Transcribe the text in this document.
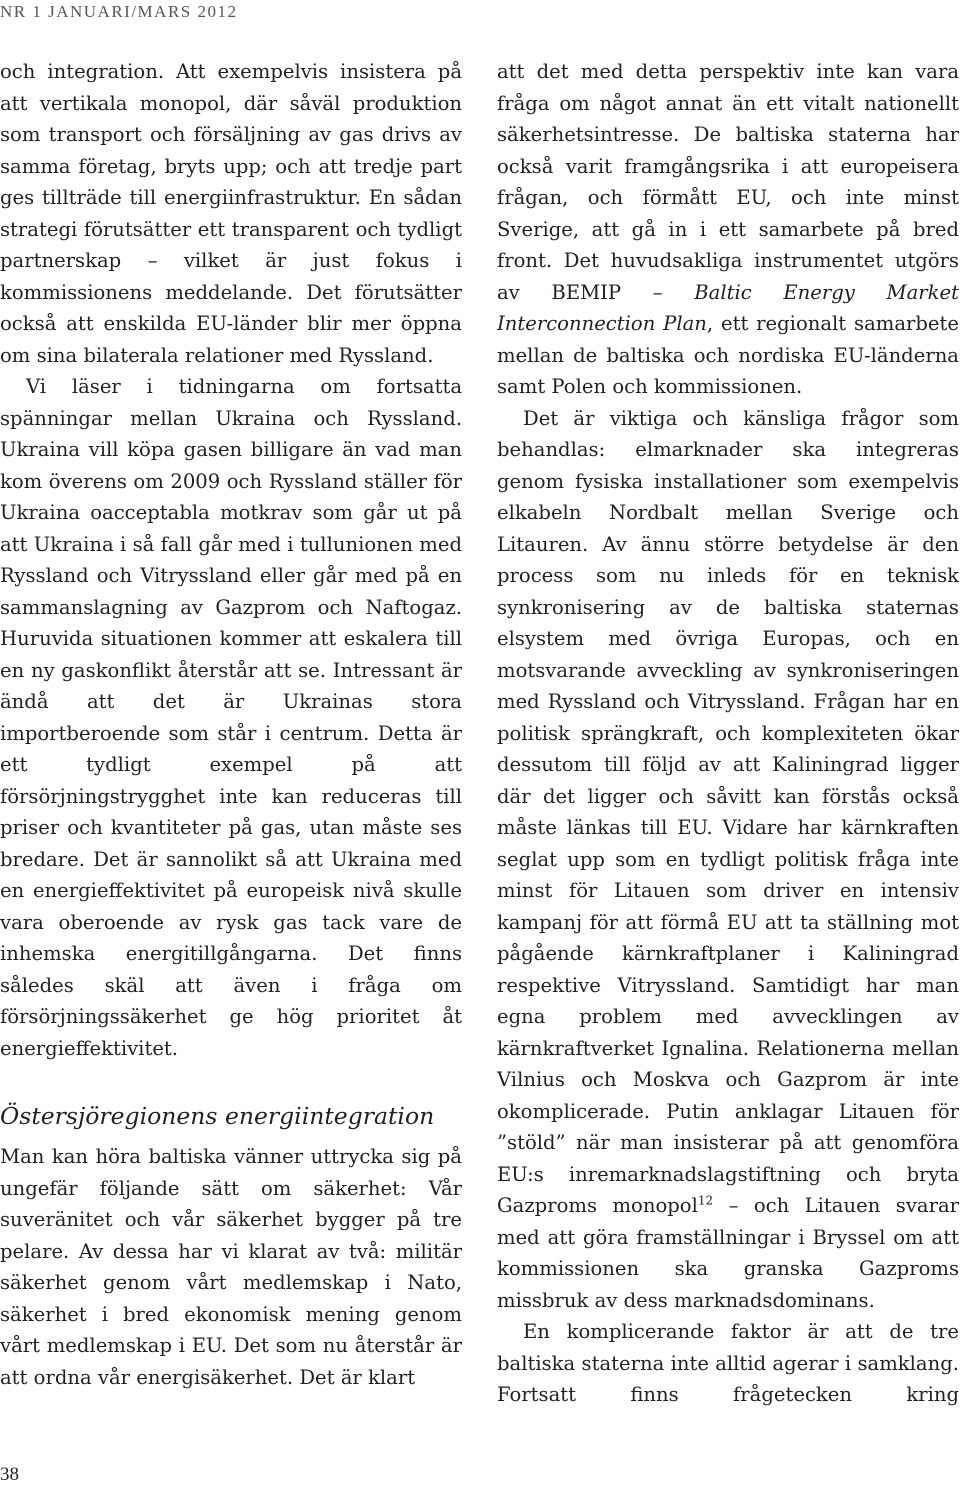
NR 1 JANUARI/MARS 2012

och integration. Att exempelvis insistera på att vertikala monopol, där såväl produktion som transport och försäljning av gas drivs av samma företag, bryts upp; och att tredje part ges tillträde till energiinfrastruktur. En sådan strategi förutsätter ett transparent och tydligt partnerskap – vilket är just fokus i kommissionens meddelande. Det förutsätter också att enskilda EU-länder blir mer öppna om sina bilaterala relationer med Ryssland.

Vi läser i tidningarna om fortsatta spänningar mellan Ukraina och Ryssland. Ukraina vill köpa gasen billigare än vad man kom överens om 2009 och Ryssland ställer för Ukraina oacceptabla motkrav som går ut på att Ukraina i så fall går med i tullunionen med Ryssland och Vitryssland eller går med på en sammanslagning av Gazprom och Naftogaz. Huruvida situationen kommer att eskalera till en ny gaskonflikt återstår att se. Intressant är ändå att det är Ukrainas stora importberoende som står i centrum. Detta är ett tydligt exempel på att försörjningstrygghet inte kan reduceras till priser och kvantiteter på gas, utan måste ses bredare. Det är sannolikt så att Ukraina med en energieffektivitet på europeisk nivå skulle vara oberoende av rysk gas tack vare de inhemska energitillgångarna. Det finns således skäl att även i fråga om försörjningssäkerhet ge hög prioritet åt energieffektivitet.

Östersjöregionens energiintegration

Man kan höra baltiska vänner uttrycka sig på ungefär följande sätt om säkerhet: Vår suveränitet och vår säkerhet bygger på tre pelare. Av dessa har vi klarat av två: militär säkerhet genom vårt medlemskap i Nato, säkerhet i bred ekonomisk mening genom vårt medlemskap i EU. Det som nu återstår är att ordna vår energisäkerhet. Det är klart

att det med detta perspektiv inte kan vara fråga om något annat än ett vitalt nationellt säkerhetsintresse. De baltiska staterna har också varit framgångsrika i att europeisera frågan, och förmått EU, och inte minst Sverige, att gå in i ett samarbete på bred front. Det huvudsakliga instrumentet utgörs av BEMIP – Baltic Energy Market Interconnection Plan, ett regionalt samarbete mellan de baltiska och nordiska EU-länderna samt Polen och kommissionen.

Det är viktiga och känsliga frågor som behandlas: elmarknader ska integreras genom fysiska installationer som exempelvis elkabeln Nordbalt mellan Sverige och Litauren. Av ännu större betydelse är den process som nu inleds för en teknisk synkronisering av de baltiska staternas elsystem med övriga Europas, och en motsvarande avveckling av synkroniseringen med Ryssland och Vitryssland. Frågan har en politisk sprängkraft, och komplexiteten ökar dessutom till följd av att Kaliningrad ligger där det ligger och såvitt kan förstås också måste länkas till EU. Vidare har kärnkraften seglat upp som en tydligt politisk fråga inte minst för Litauen som driver en intensiv kampanj för att förmå EU att ta ställning mot pågående kärnkraftplaner i Kaliningrad respektive Vitryssland. Samtidigt har man egna problem med avvecklingen av kärnkraftverket Ignalina. Relationerna mellan Vilnius och Moskva och Gazprom är inte okomplicerade. Putin anklagar Litauen för ”stöld” när man insisterar på att genomföra EU:s inremarknadslagstiftning och bryta Gazproms monopol$^{12}$ – och Litauen svarar med att göra framställningar i Bryssel om att kommissionen ska granska Gazproms missbruk av dess marknadsdominans.

En komplicerande faktor är att de tre baltiska staterna inte alltid agerar i samklang. Fortsatt finns frågetecken kring

38
